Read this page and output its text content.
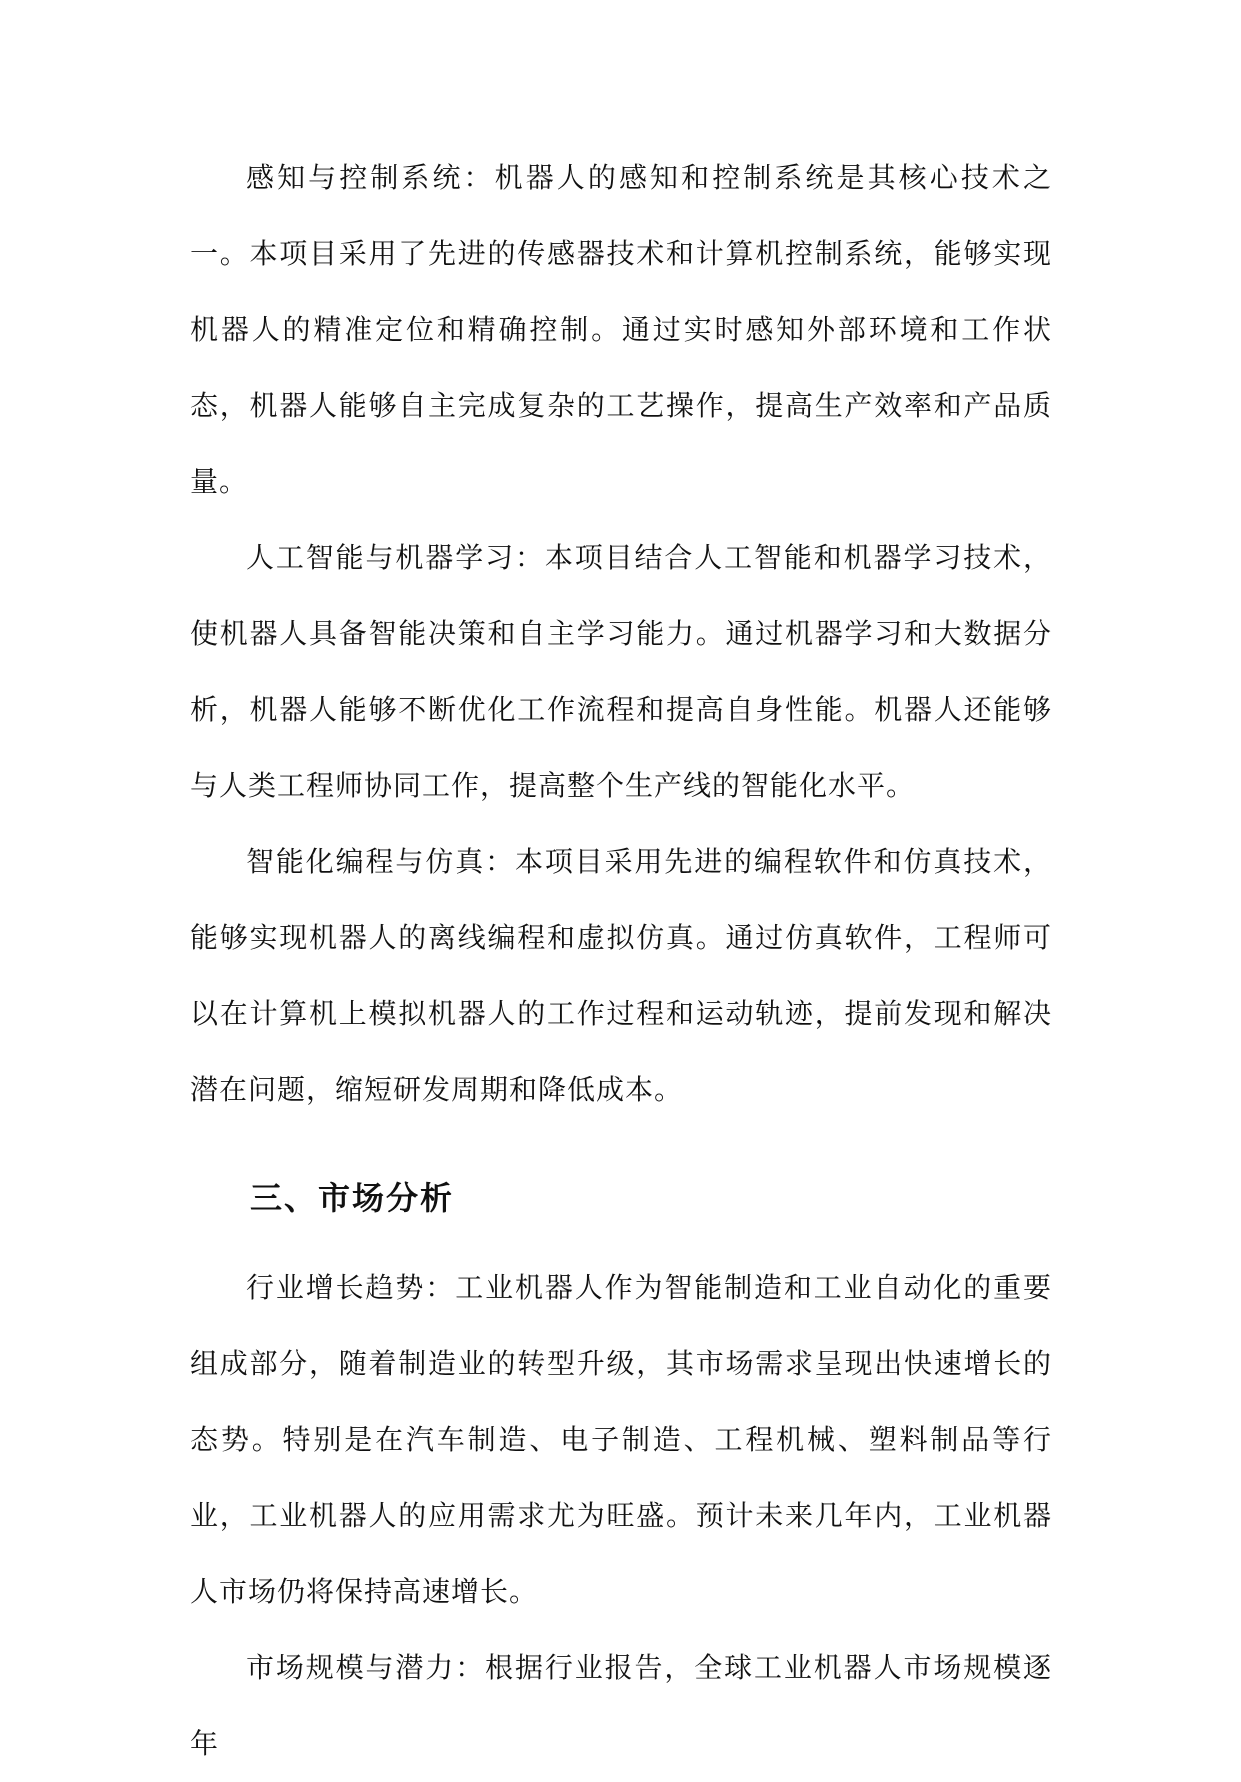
感知与控制系统：机器人的感知和控制系统是其核心技术之一。本项目采用了先进的传感器技术和计算机控制系统，能够实现机器人的精准定位和精确控制。通过实时感知外部环境和工作状态，机器人能够自主完成复杂的工艺操作，提高生产效率和产品质量。

人工智能与机器学习：本项目结合人工智能和机器学习技术，使机器人具备智能决策和自主学习能力。通过机器学习和大数据分析，机器人能够不断优化工作流程和提高自身性能。机器人还能够与人类工程师协同工作，提高整个生产线的智能化水平。

智能化编程与仿真：本项目采用先进的编程软件和仿真技术，能够实现机器人的离线编程和虚拟仿真。通过仿真软件，工程师可以在计算机上模拟机器人的工作过程和运动轨迹，提前发现和解决潜在问题，缩短研发周期和降低成本。

三、市场分析

行业增长趋势：工业机器人作为智能制造和工业自动化的重要组成部分，随着制造业的转型升级，其市场需求呈现出快速增长的态势。特别是在汽车制造、电子制造、工程机械、塑料制品等行业，工业机器人的应用需求尤为旺盛。预计未来几年内，工业机器人市场仍将保持高速增长。

市场规模与潜力：根据行业报告，全球工业机器人市场规模逐年
